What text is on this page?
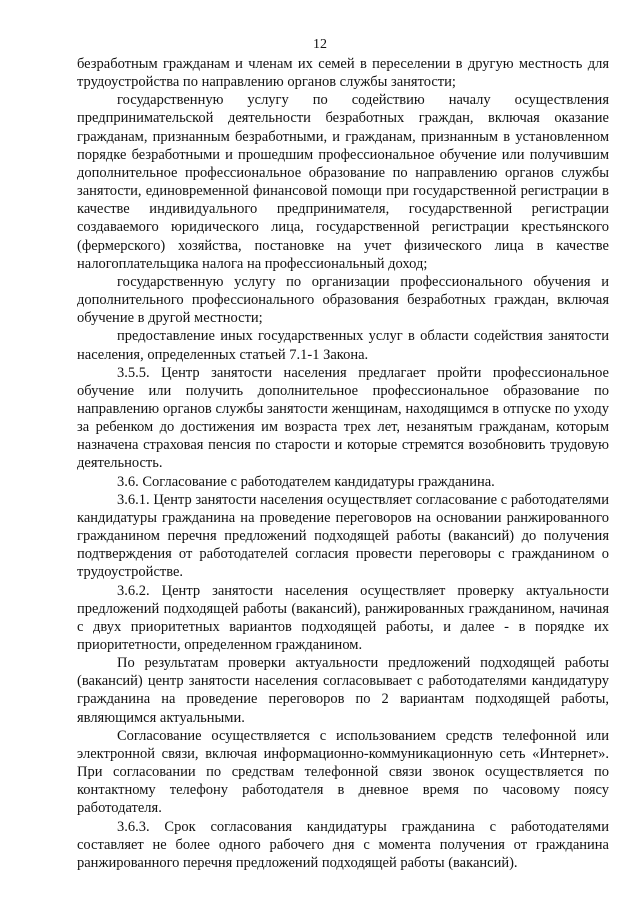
12

безработным гражданам и членам их семей в переселении в другую местность для трудоустройства по направлению органов службы занятости;

государственную услугу по содействию началу осуществления предпринимательской деятельности безработных граждан, включая оказание гражданам, признанным безработными, и гражданам, признанным в установленном порядке безработными и прошедшим профессиональное обучение или получившим дополнительное профессиональное образование по направлению органов службы занятости, единовременной финансовой помощи при государственной регистрации в качестве индивидуального предпринимателя, государственной регистрации создаваемого юридического лица, государственной регистрации крестьянского (фермерского) хозяйства, постановке на учет физического лица в качестве налогоплательщика налога на профессиональный доход;

государственную услугу по организации профессионального обучения и дополнительного профессионального образования безработных граждан, включая обучение в другой местности;

предоставление иных государственных услуг в области содействия занятости населения, определенных статьей 7.1-1 Закона.

3.5.5. Центр занятости населения предлагает пройти профессиональное обучение или получить дополнительное профессиональное образование по направлению органов службы занятости женщинам, находящимся в отпуске по уходу за ребенком до достижения им возраста трех лет, незанятым гражданам, которым назначена страховая пенсия по старости и которые стремятся возобновить трудовую деятельность.

3.6. Согласование с работодателем кандидатуры гражданина.

3.6.1. Центр занятости населения осуществляет согласование с работодателями кандидатуры гражданина на проведение переговоров на основании ранжированного гражданином перечня предложений подходящей работы (вакансий) до получения подтверждения от работодателей согласия провести переговоры с гражданином о трудоустройстве.

3.6.2. Центр занятости населения осуществляет проверку актуальности предложений подходящей работы (вакансий), ранжированных гражданином, начиная с двух приоритетных вариантов подходящей работы, и далее - в порядке их приоритетности, определенном гражданином.

По результатам проверки актуальности предложений подходящей работы (вакансий) центр занятости населения согласовывает с работодателями кандидатуру гражданина на проведение переговоров по 2 вариантам подходящей работы, являющимся актуальными.

Согласование осуществляется с использованием средств телефонной или электронной связи, включая информационно-коммуникационную сеть «Интернет». При согласовании по средствам телефонной связи звонок осуществляется по контактному телефону работодателя в дневное время по часовому поясу работодателя.

3.6.3. Срок согласования кандидатуры гражданина с работодателями составляет не более одного рабочего дня с момента получения от гражданина ранжированного перечня предложений подходящей работы (вакансий).
